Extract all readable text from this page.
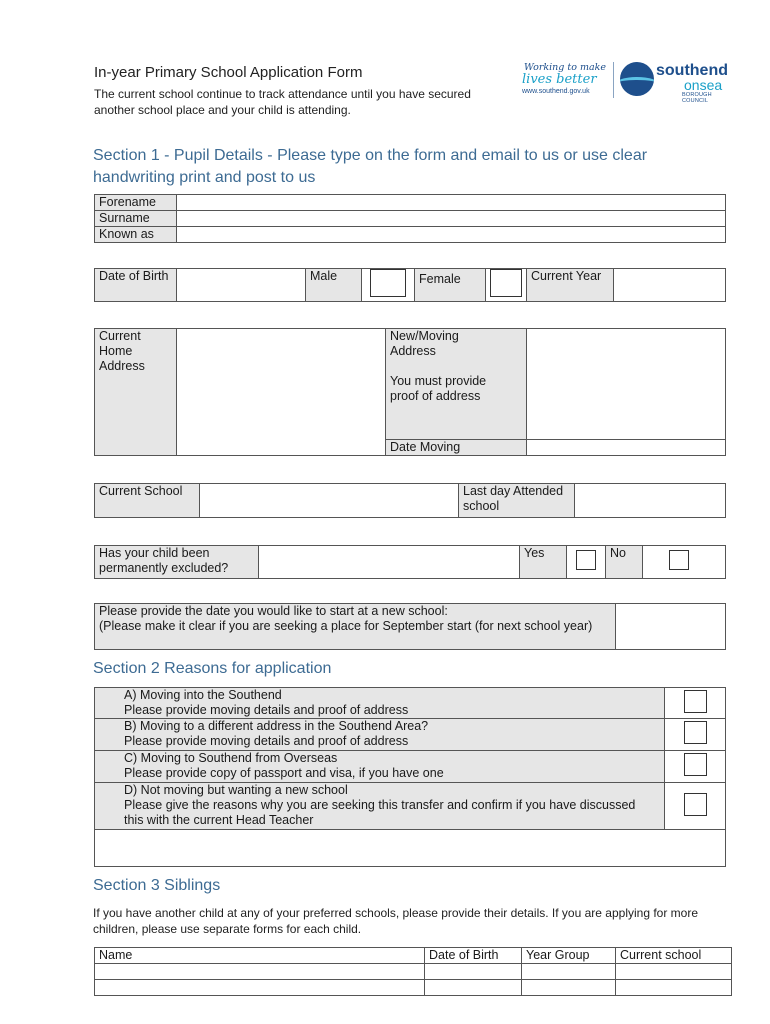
In-year Primary School Application Form
The current school continue to track attendance until you have secured another school place and your child is attending.
Working to make
lives better
www.southend.gov.uk
southend
onsea
BOROUGH COUNCIL
Section 1 - Pupil Details - Please type on the form and email to us or use clear handwriting print and post to us
Forename	
Surname	
Known as	
Date of Birth		Male		Female		Current Year	
Current Home Address		New/Moving Address
You must provide proof of address	

		Date Moving	
Current School		Last day Attended school	
Has your child been permanently excluded?		Yes		No	
Please provide the date you would like to start at a new school:
(Please make it clear if you are seeking a place for September start (for next school year)

Section 2 Reasons for application
A) Moving into the Southend
Please provide moving details and proof of address	

B) Moving to a different address in the Southend Area?
Please provide moving details and proof of address	

C) Moving to Southend from Overseas
Please provide copy of passport and visa, if you have one	

D) Not moving but wanting a new school
Please give the reasons why you are seeking this transfer and confirm if you have discussed this with the current Head Teacher	

Section 3 Siblings
If you have another child at any of your preferred schools, please provide their details. If you are applying for more children, please use separate forms for each child.
Name	Date of Birth	Year Group	Current school
